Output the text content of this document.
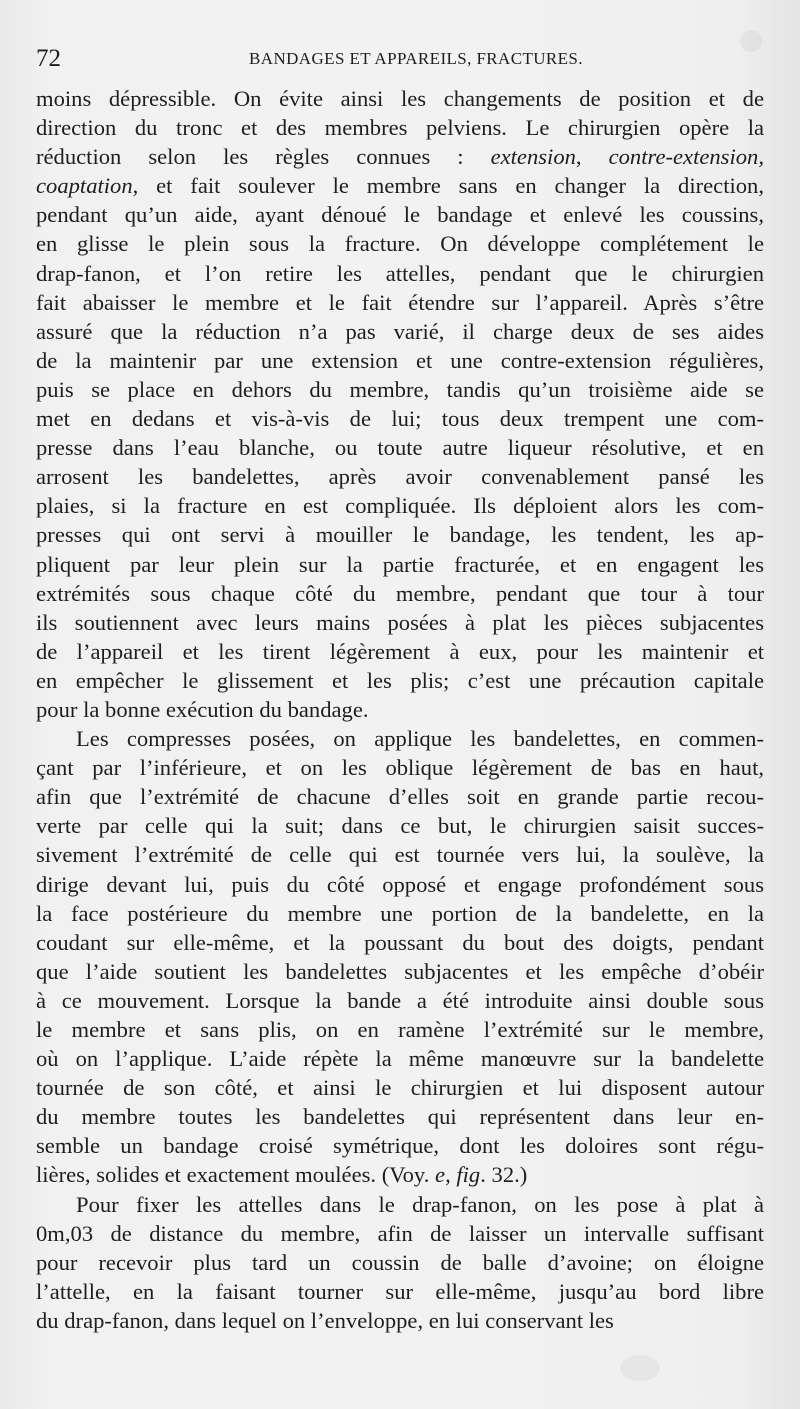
72	BANDAGES ET APPAREILS, FRACTURES.
moins dépressible. On évite ainsi les changements de position et de
direction du tronc et des membres pelviens. Le chirurgien opère la
réduction selon les règles connues : extension, contre-extension,
coaptation, et fait soulever le membre sans en changer la direction,
pendant qu’un aide, ayant dénoué le bandage et enlevé les coussins,
en glisse le plein sous la fracture. On développe complétement le
drap-fanon, et l’on retire les attelles, pendant que le chirurgien
fait abaisser le membre et le fait étendre sur l’appareil. Après s’être
assuré que la réduction n’a pas varié, il charge deux de ses aides
de la maintenir par une extension et une contre-extension régulières,
puis se place en dehors du membre, tandis qu’un troisième aide se
met en dedans et vis-à-vis de lui; tous deux trempent une com-
presse dans l’eau blanche, ou toute autre liqueur résolutive, et en
arrosent les bandelettes, après avoir convenablement pansé les
plaies, si la fracture en est compliquée. Ils déploient alors les com-
presses qui ont servi à mouiller le bandage, les tendent, les ap-
pliquent par leur plein sur la partie fracturée, et en engagent les
extrémités sous chaque côté du membre, pendant que tour à tour
ils soutiennent avec leurs mains posées à plat les pièces subjacentes
de l’appareil et les tirent légèrement à eux, pour les maintenir et
en empêcher le glissement et les plis; c’est une précaution capitale
pour la bonne exécution du bandage.
Les compresses posées, on applique les bandelettes, en commen-
çant par l’inférieure, et on les oblique légèrement de bas en haut,
afin que l’extrémité de chacune d’elles soit en grande partie recou-
verte par celle qui la suit; dans ce but, le chirurgien saisit succes-
sivement l’extrémité de celle qui est tournée vers lui, la soulève, la
dirige devant lui, puis du côté opposé et engage profondément sous
la face postérieure du membre une portion de la bandelette, en la
coudant sur elle-même, et la poussant du bout des doigts, pendant
que l’aide soutient les bandelettes subjacentes et les empêche d’obéir
à ce mouvement. Lorsque la bande a été introduite ainsi double sous
le membre et sans plis, on en ramène l’extrémité sur le membre,
où on l’applique. L’aide répète la même manœuvre sur la bandelette
tournée de son côté, et ainsi le chirurgien et lui disposent autour
du membre toutes les bandelettes qui représentent dans leur en-
semble un bandage croisé symétrique, dont les doloires sont régu-
lières, solides et exactement moulées. (Voy. e, fig. 32.)
Pour fixer les attelles dans le drap-fanon, on les pose à plat à
0m,03 de distance du membre, afin de laisser un intervalle suffisant
pour recevoir plus tard un coussin de balle d’avoine; on éloigne
l’attelle, en la faisant tourner sur elle-même, jusqu’au bord libre
du drap-fanon, dans lequel on l’enveloppe, en lui conservant les
